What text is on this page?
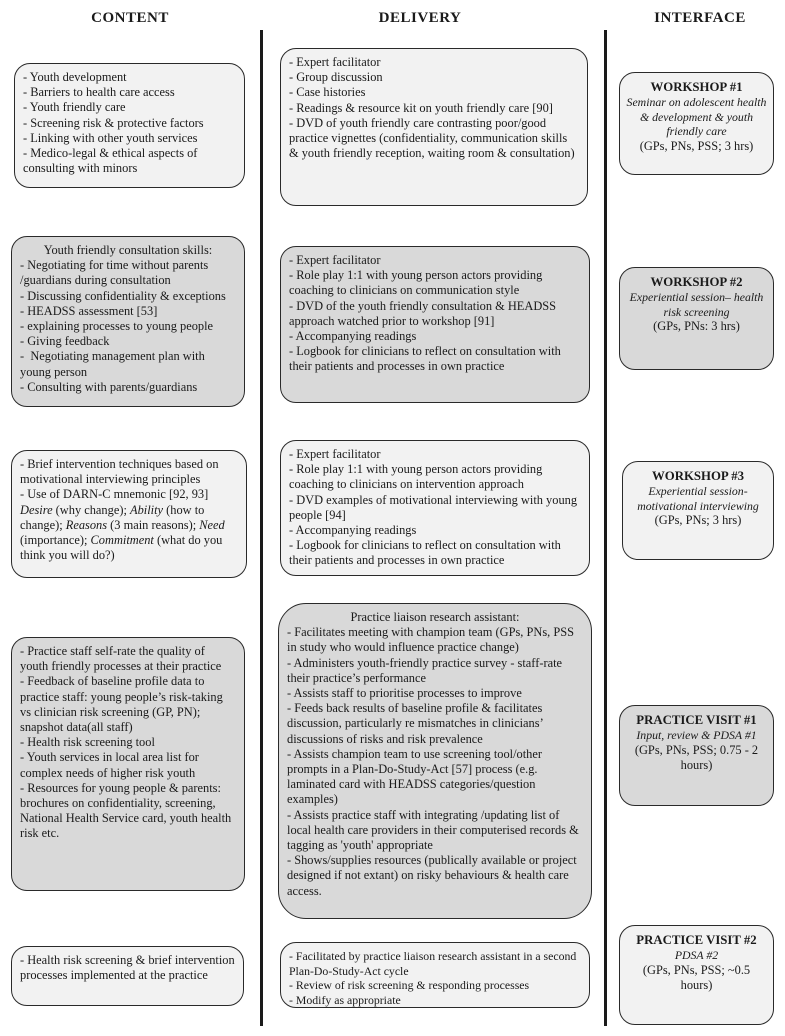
CONTENT	DELIVERY	INTERFACE
- Youth development
- Barriers to health care access
- Youth friendly care
- Screening risk & protective factors
- Linking with other youth services
- Medico-legal & ethical aspects of consulting with minors
- Expert facilitator
- Group discussion
- Case histories
- Readings & resource kit on youth friendly care [90]
- DVD of youth friendly care contrasting poor/good practice vignettes (confidentiality, communication skills & youth friendly reception, waiting room & consultation)
WORKSHOP #1
Seminar on adolescent health & development & youth friendly care
(GPs, PNs, PSS; 3 hrs)
Youth friendly consultation skills:
- Negotiating for time without parents /guardians during consultation
- Discussing confidentiality & exceptions
- HEADSS assessment [53]
- explaining processes to young people
- Giving feedback
-  Negotiating management plan with young person
- Consulting with parents/guardians
- Expert facilitator
- Role play 1:1 with young person actors providing coaching to clinicians on communication style
- DVD of the youth friendly consultation & HEADSS approach watched prior to workshop [91]
- Accompanying readings
- Logbook for clinicians to reflect on consultation with their patients and processes in own practice
WORKSHOP #2
Experiential session– health risk screening
(GPs, PNs: 3 hrs)
- Brief intervention techniques based on motivational interviewing principles
- Use of DARN-C mnemonic [92, 93]
Desire (why change); Ability (how to change); Reasons (3 main reasons); Need (importance); Commitment (what do you think you will do?)
- Expert facilitator
- Role play 1:1 with young person actors providing coaching to clinicians on intervention approach
- DVD examples of motivational interviewing with young people [94]
- Accompanying readings
- Logbook for clinicians to reflect on consultation with their patients and processes in own practice
WORKSHOP #3
Experiential session- motivational interviewing
(GPs, PNs; 3 hrs)
- Practice staff self-rate the quality of youth friendly processes at their practice
- Feedback of baseline profile data to practice staff: young people’s risk-taking vs clinician risk screening (GP, PN); snapshot data(all staff)
- Health risk screening tool
- Youth services in local area list for complex needs of higher risk youth
- Resources for young people & parents: brochures on confidentiality, screening, National Health Service card, youth health risk etc.
Practice liaison research assistant:
- Facilitates meeting with champion team (GPs, PNs, PSS in study who would influence practice change)
- Administers youth-friendly practice survey - staff-rate their practice’s performance
- Assists staff to prioritise processes to improve
- Feeds back results of baseline profile & facilitates discussion, particularly re mismatches in clinicians’ discussions of risks and risk prevalence
- Assists champion team to use screening tool/other prompts in a Plan-Do-Study-Act [57] process (e.g. laminated card with HEADSS categories/question examples)
- Assists practice staff with integrating /updating list of local health care providers in their computerised records & tagging as 'youth' appropriate
- Shows/supplies resources (publically available or project designed if not extant) on risky behaviours & health care access.
PRACTICE VISIT #1
Input, review & PDSA #1
(GPs, PNs, PSS; 0.75 - 2 hours)
- Health risk screening & brief intervention processes implemented at the practice
- Facilitated by practice liaison research assistant in a second Plan-Do-Study-Act cycle
- Review of risk screening & responding processes
- Modify as appropriate
PRACTICE VISIT #2
PDSA #2
(GPs, PNs, PSS; ~0.5 hours)
